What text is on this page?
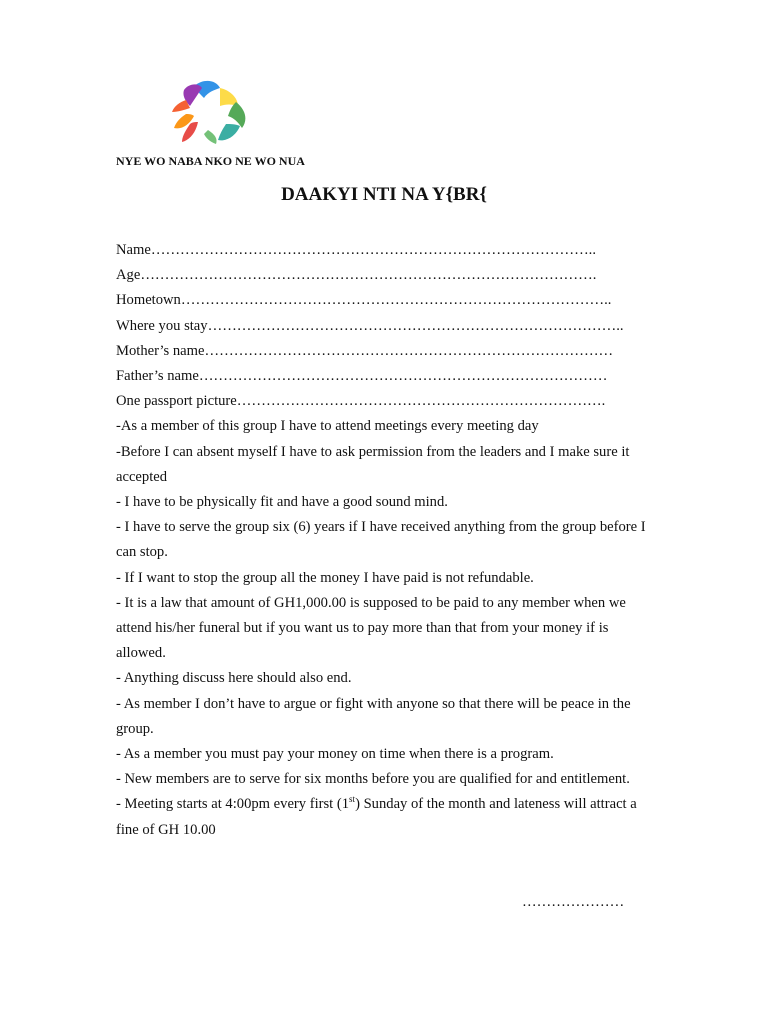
NYE WO NABA NKO NE WO NUA
DAAKYI NTI NA Y{BR{
Name………………………………………………………………………………..
Age………………………………………………………………………………….
Hometown……………………………………………………………………………..
Where you stay…………………………………………………………………………..
Mother’s name…………………………………………………………………………
Father’s name…………………………………………………………………………
One passport picture………………………………………………………………….

-As a member of this group I have to attend meetings every meeting day

-Before I can absent myself I have to ask permission from the leaders and I make sure it accepted

- I have to be physically fit and have a good sound mind.

- I have to serve the group six (6) years if I have received anything from the group before I can stop.

- If I want to stop the group all the money I have paid is not refundable.

- It is a law that amount of GH1,000.00 is supposed to be paid to any member when we attend his/her funeral but if you want us to pay more than that from your money if is allowed.

- Anything discuss here should also end.

- As member I don’t have to argue or fight with anyone so that there will be peace in the group.

- As a member you must pay your money on time when there is a program.

- New members are to serve for six months before you are qualified for and entitlement.

- Meeting starts at 4:00pm every first (1st) Sunday of the month and lateness will attract a fine of GH 10.00

…………………
